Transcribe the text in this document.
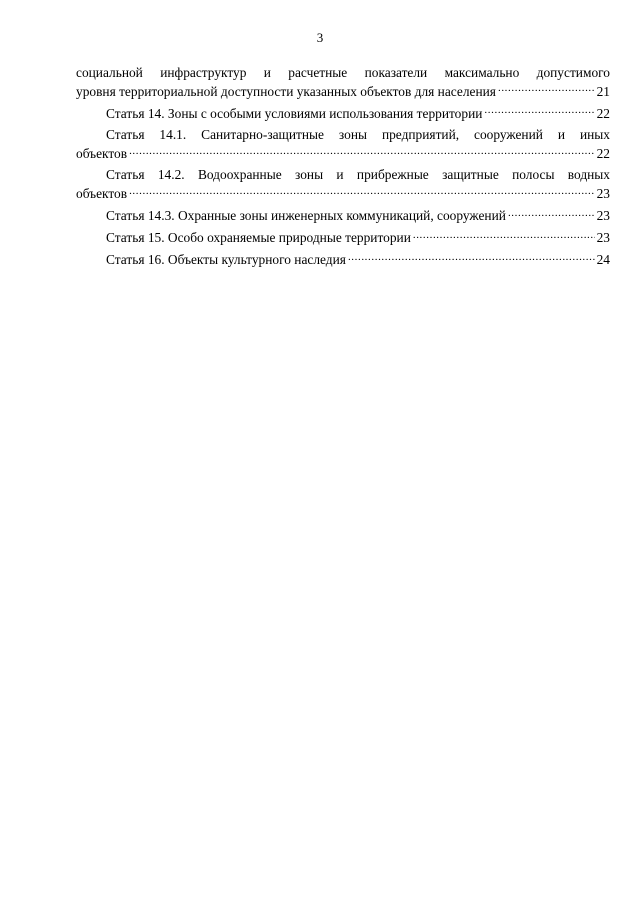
3
социальной инфраструктур и расчетные показатели максимально допустимого
уровня территориальной доступности указанных объектов для населения .....	21
Статья 14. Зоны с особыми условиями использования территории .....	22
Статья 14.1. Санитарно-защитные зоны предприятий, сооружений и иных
объектов .....	22
Статья 14.2. Водоохранные зоны и прибрежные защитные полосы водных
объектов .....	23
Статья 14.3. Охранные зоны инженерных коммуникаций, сооружений .....	23
Статья 15. Особо охраняемые природные территории .....	23
Статья 16. Объекты культурного наследия .....	24
